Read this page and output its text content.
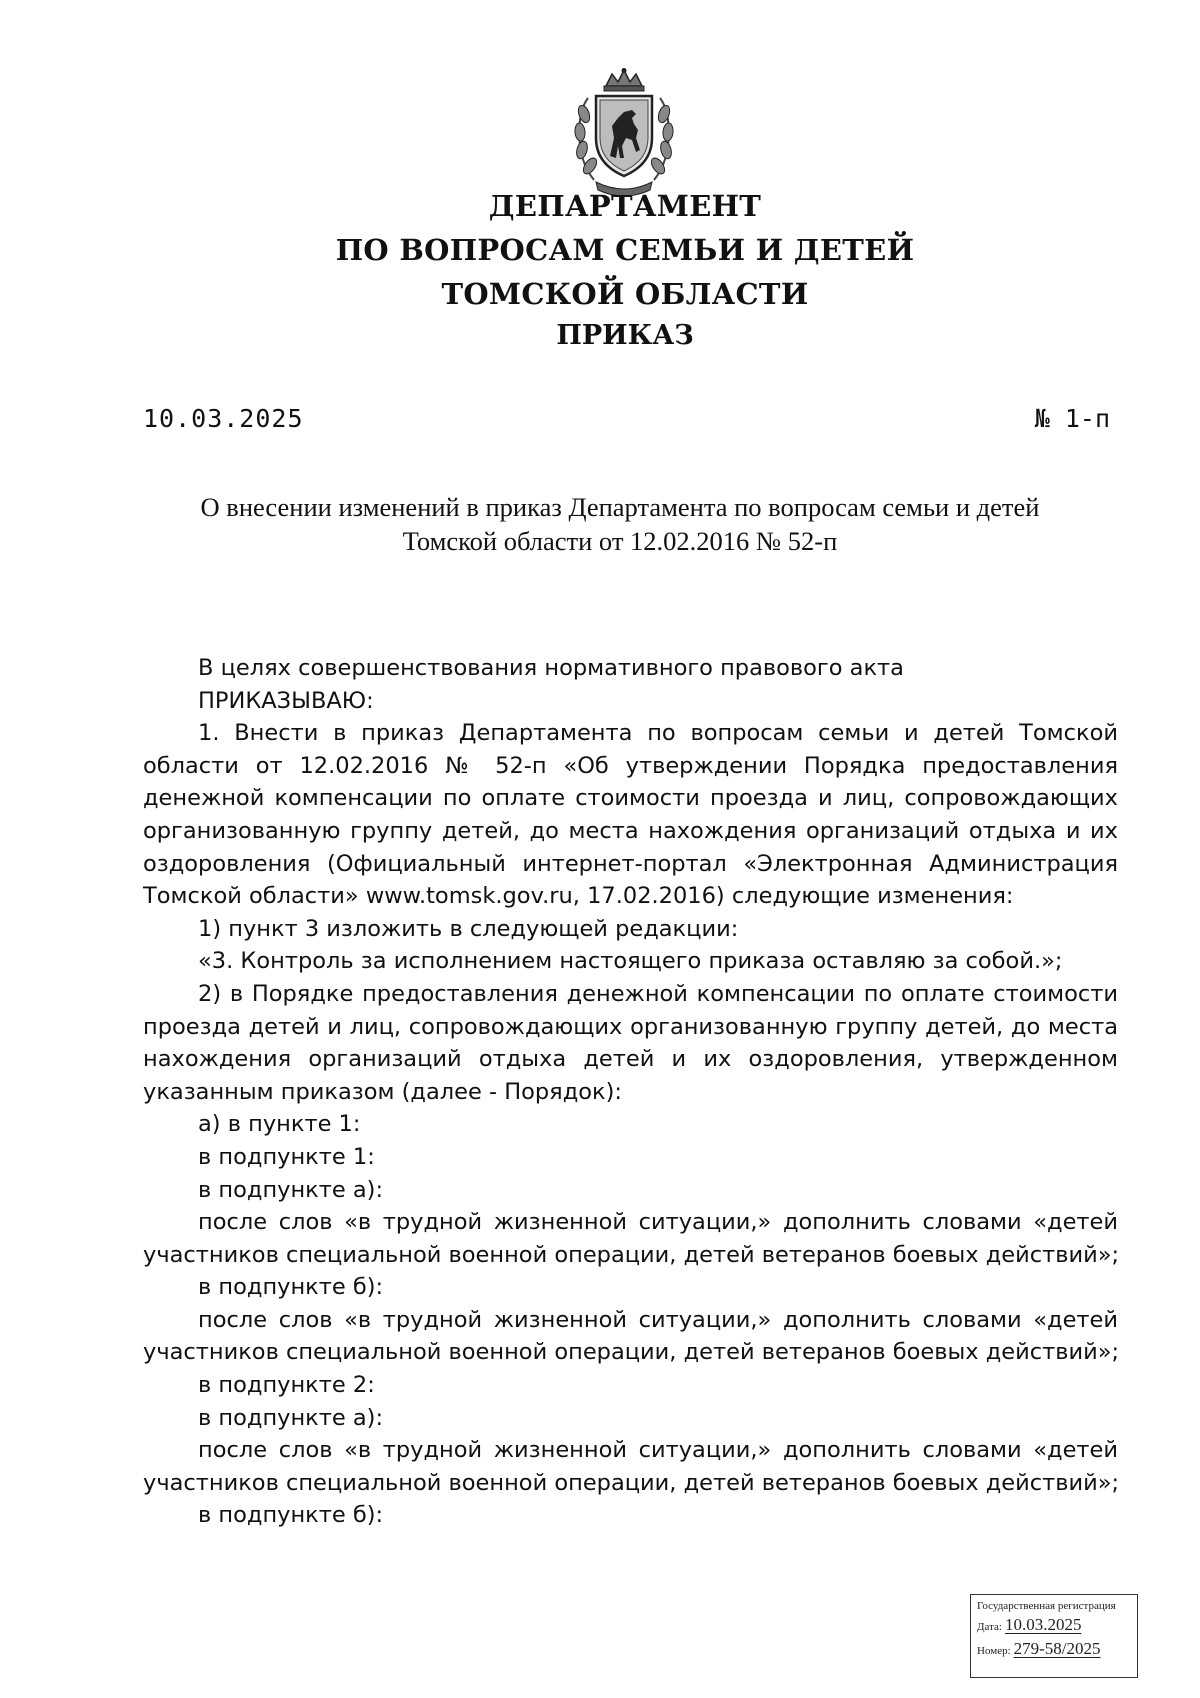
ДЕПАРТАМЕНТ
ПО ВОПРОСАМ СЕМЬИ И ДЕТЕЙ
ТОМСКОЙ ОБЛАСТИ
ПРИКАЗ
10.03.2025	№ 1-п
О внесении изменений в приказ Департамента по вопросам семьи и детей
Томской области от 12.02.2016 № 52-п
В целях совершенствования нормативного правового акта
ПРИКАЗЫВАЮ:
1. Внести в приказ Департамента по вопросам семьи и детей Томской
области от 12.02.2016 № 52-п «Об утверждении Порядка предоставления
денежной компенсации по оплате стоимости проезда и лиц, сопровождающих
организованную группу детей, до места нахождения организаций отдыха и их
оздоровления (Официальный интернет-портал «Электронная Администрация
Томской области» www.tomsk.gov.ru, 17.02.2016) следующие изменения:
1) пункт 3 изложить в следующей редакции:
«3. Контроль за исполнением настоящего приказа оставляю за собой.»;
2) в Порядке предоставления денежной компенсации по оплате стоимости
проезда детей и лиц, сопровождающих организованную группу детей, до места
нахождения организаций отдыха детей и их оздоровления, утвержденном
указанным приказом (далее - Порядок):
а) в пункте 1:
в подпункте 1:
в подпункте а):
после слов «в трудной жизненной ситуации,» дополнить словами «детей
участников специальной военной операции, детей ветеранов боевых действий»;
в подпункте б):
после слов «в трудной жизненной ситуации,» дополнить словами «детей
участников специальной военной операции, детей ветеранов боевых действий»;
в подпункте 2:
в подпункте а):
после слов «в трудной жизненной ситуации,» дополнить словами «детей
участников специальной военной операции, детей ветеранов боевых действий»;
в подпункте б):
Государственная регистрация
Дата: 10.03.2025
Номер: 279-58/2025
